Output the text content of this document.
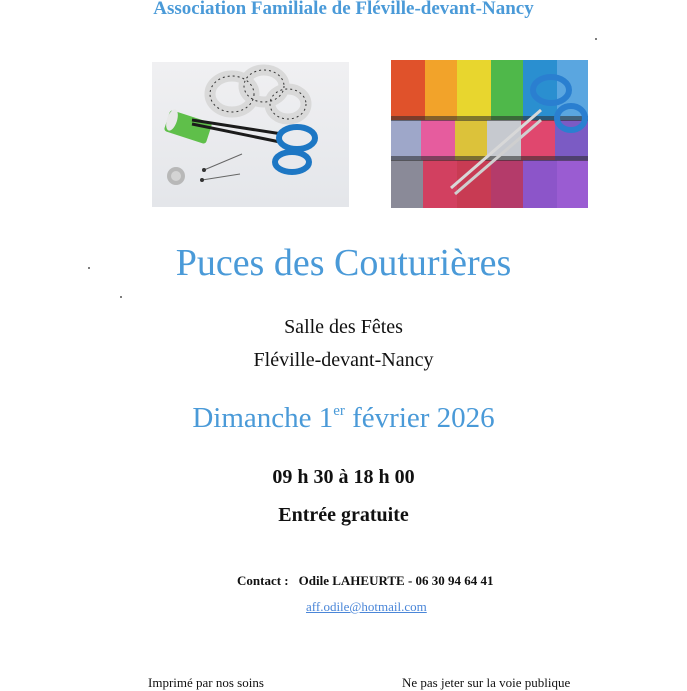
Association Familiale de Fléville-devant-Nancy
Puces des Couturières
Salle des Fêtes
Fléville-devant-Nancy
Dimanche 1er février 2026
09 h 30 à 18 h 00
Entrée gratuite
Contact : Odile LAHEURTE - 06 30 94 64 41
aff.odile@hotmail.com
Imprimé par nos soins	Ne pas jeter sur la voie publique
